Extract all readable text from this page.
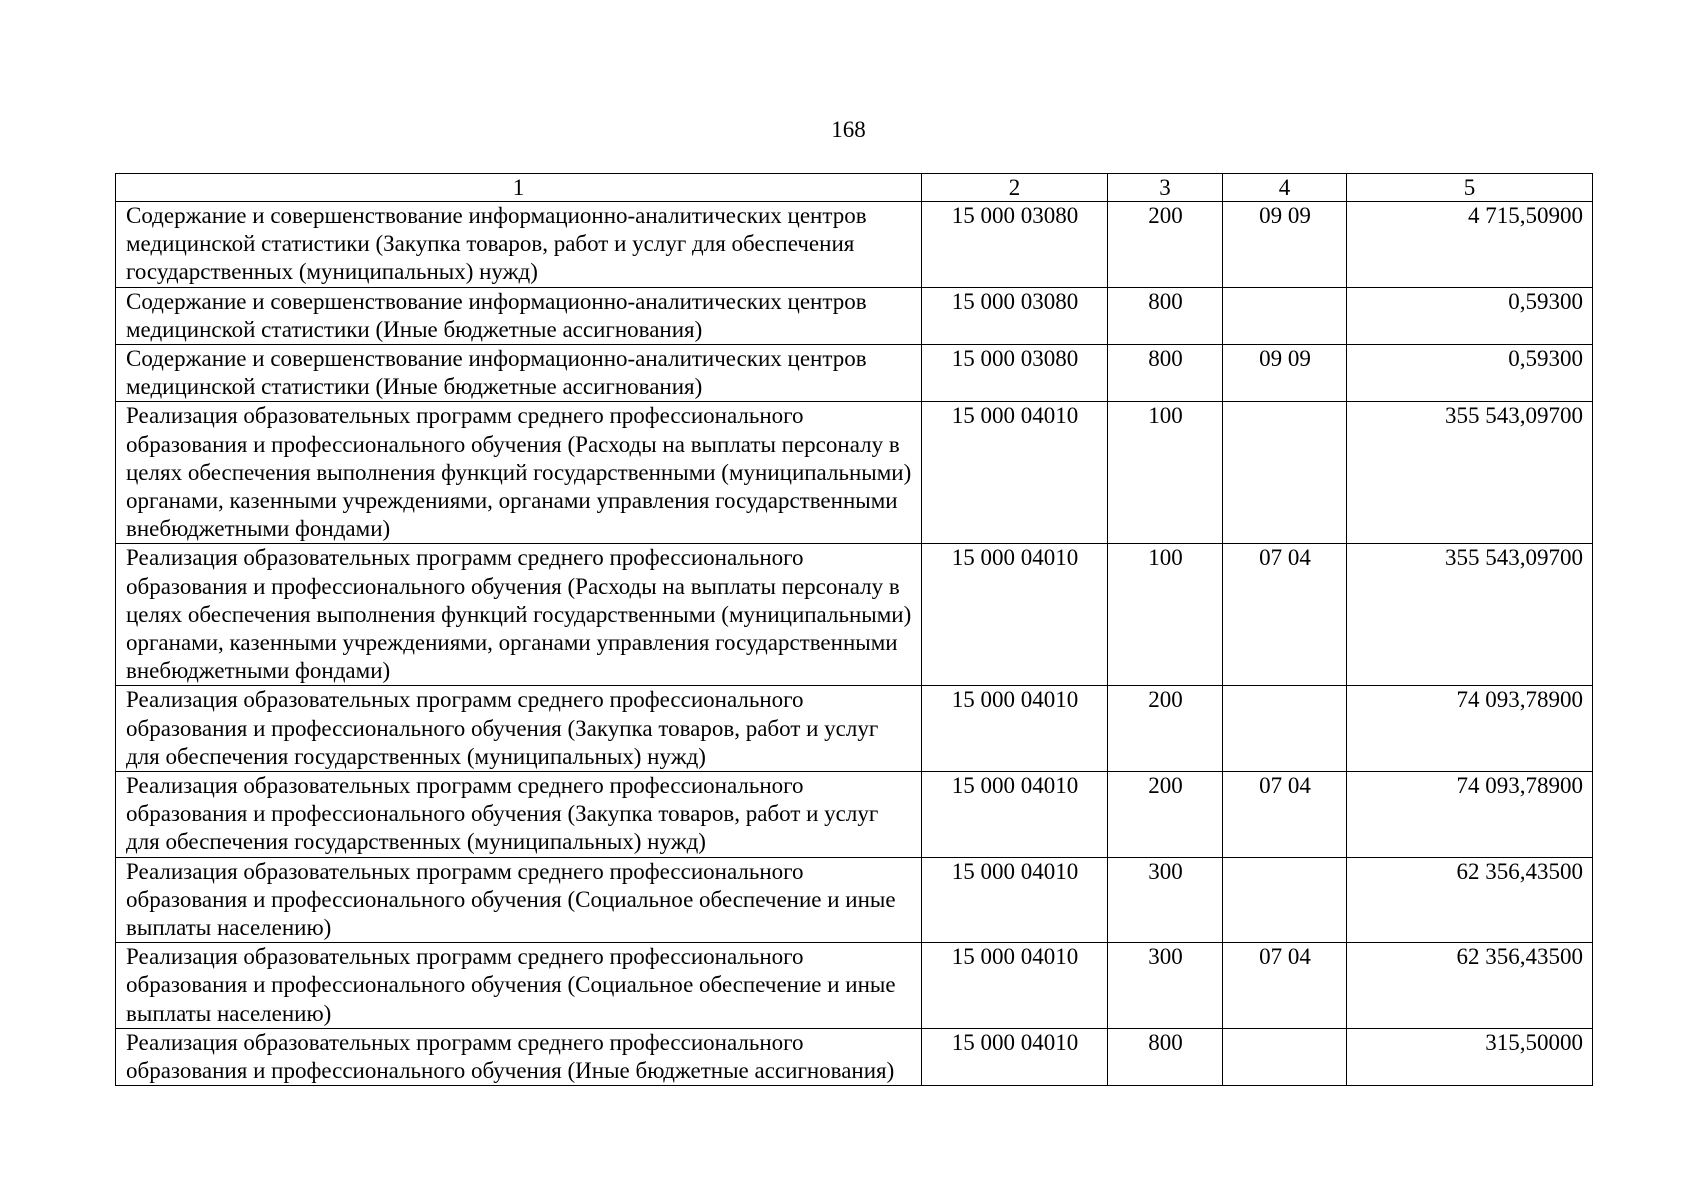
168
1	2	3	4	5
Содержание и совершенствование информационно-аналитических центров медицинской статистики (Закупка товаров, работ и услуг для обеспечения государственных (муниципальных) нужд)	15 000 03080	200	09 09	4 715,50900
Содержание и совершенствование информационно-аналитических центров медицинской статистики (Иные бюджетные ассигнования)	15 000 03080	800		0,59300
Содержание и совершенствование информационно-аналитических центров медицинской статистики (Иные бюджетные ассигнования)	15 000 03080	800	09 09	0,59300
Реализация образовательных программ среднего профессионального образования и профессионального обучения (Расходы на выплаты персоналу в целях обеспечения выполнения функций государственными (муниципальными) органами, казенными учреждениями, органами управления государственными внебюджетными фондами)	15 000 04010	100		355 543,09700
Реализация образовательных программ среднего профессионального образования и профессионального обучения (Расходы на выплаты персоналу в целях обеспечения выполнения функций государственными (муниципальными) органами, казенными учреждениями, органами управления государственными внебюджетными фондами)	15 000 04010	100	07 04	355 543,09700
Реализация образовательных программ среднего профессионального образования и профессионального обучения (Закупка товаров, работ и услуг для обеспечения государственных (муниципальных) нужд)	15 000 04010	200		74 093,78900
Реализация образовательных программ среднего профессионального образования и профессионального обучения (Закупка товаров, работ и услуг для обеспечения государственных (муниципальных) нужд)	15 000 04010	200	07 04	74 093,78900
Реализация образовательных программ среднего профессионального образования и профессионального обучения (Социальное обеспечение и иные выплаты населению)	15 000 04010	300		62 356,43500
Реализация образовательных программ среднего профессионального образования и профессионального обучения (Социальное обеспечение и иные выплаты населению)	15 000 04010	300	07 04	62 356,43500
Реализация образовательных программ среднего профессионального образования и профессионального обучения (Иные бюджетные ассигнования)	15 000 04010	800		315,50000
